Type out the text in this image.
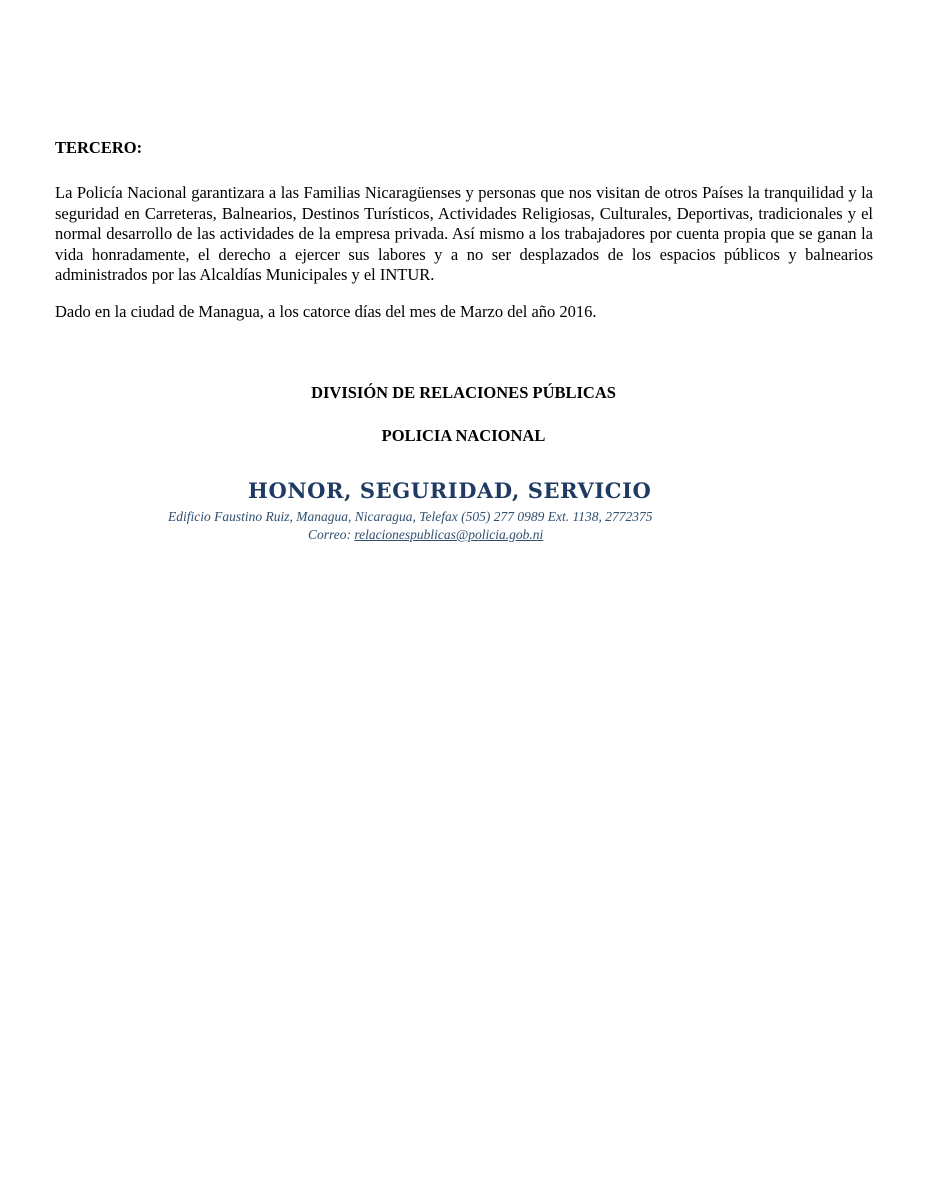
TERCERO:

La Policía Nacional garantizara a las Familias Nicaragüenses y personas que nos visitan de otros Países la tranquilidad y la seguridad en Carreteras, Balnearios, Destinos Turísticos, Actividades Religiosas, Culturales, Deportivas, tradicionales y el normal desarrollo de las actividades de la empresa privada. Así mismo a los trabajadores por cuenta propia que se ganan la vida honradamente, el derecho a ejercer sus labores y a no ser desplazados de los espacios públicos y balnearios administrados por las Alcaldías Municipales y el INTUR.

Dado en la ciudad de Managua, a los catorce días del mes de Marzo del año 2016.

DIVISIÓN DE RELACIONES PÚBLICAS

POLICIA NACIONAL

HONOR, SEGURIDAD, SERVICIO

Edificio Faustino Ruiz, Managua, Nicaragua, Telefax (505) 277 0989 Ext. 1138, 2772375

Correo: relacionespublicas@policia.gob.ni
